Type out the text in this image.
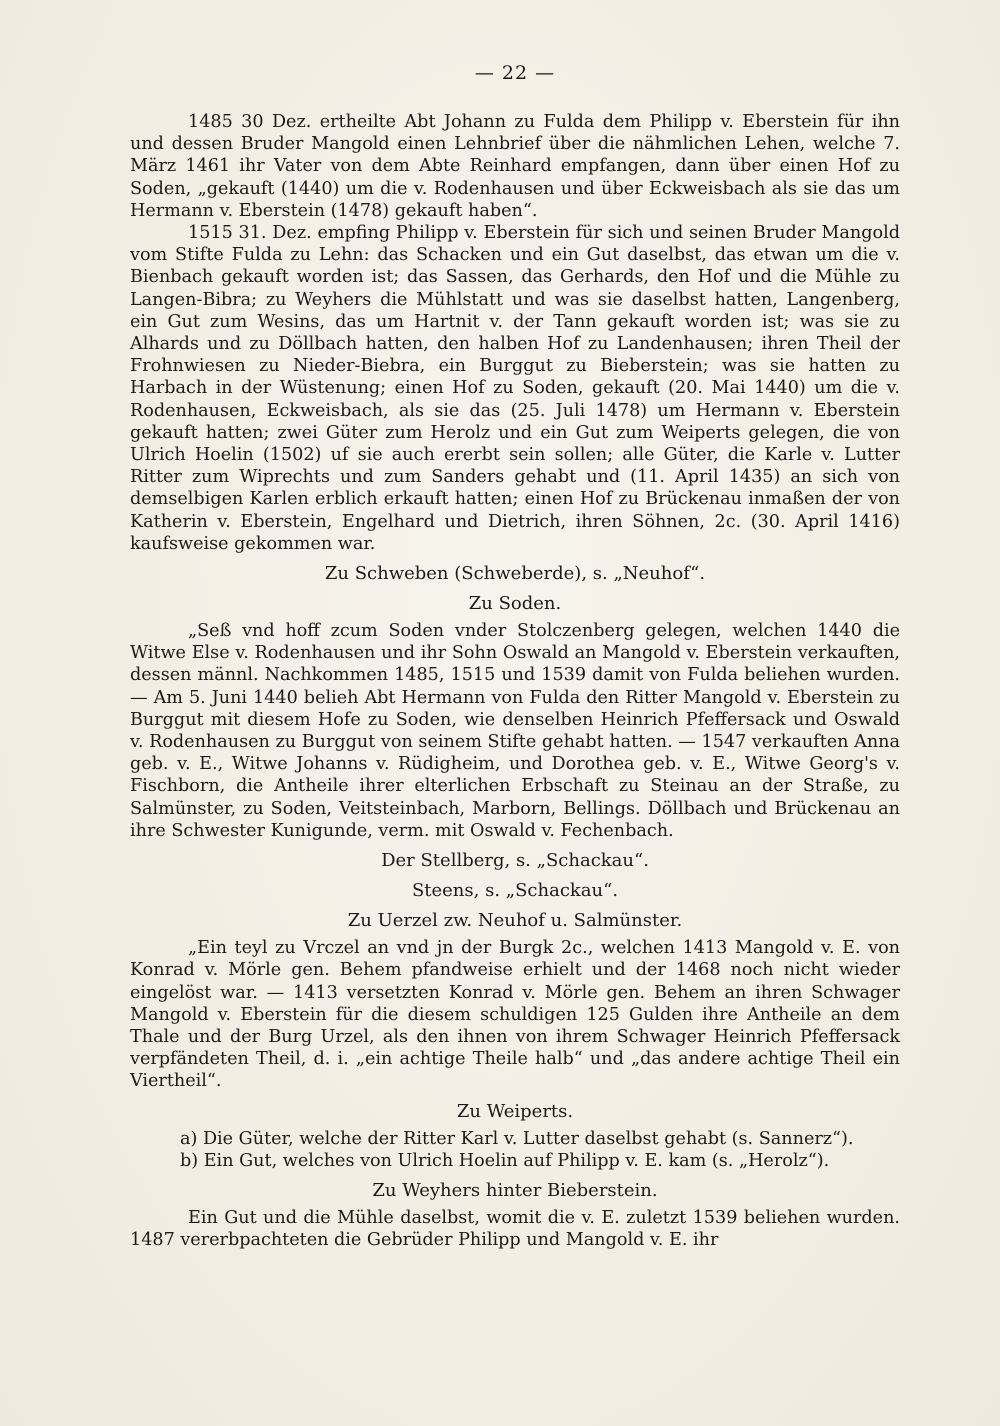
— 22 —

1485 30 Dez. ertheilte Abt Johann zu Fulda dem Philipp v. Eberstein für ihn und dessen Bruder Mangold einen Lehnbrief über die nähmlichen Lehen, welche 7. März 1461 ihr Vater von dem Abte Reinhard empfangen, dann über einen Hof zu Soden, „gekauft (1440) um die v. Rodenhausen und über Eckweisbach als sie das um Hermann v. Eberstein (1478) gekauft haben“.

1515 31. Dez. empfing Philipp v. Eberstein für sich und seinen Bruder Mangold vom Stifte Fulda zu Lehn: das Schacken und ein Gut daselbst, das etwan um die v. Bienbach gekauft worden ist; das Sassen, das Gerhards, den Hof und die Mühle zu Langen-Bibra; zu Weyhers die Mühlstatt und was sie daselbst hatten, Langenberg, ein Gut zum Wesins, das um Hartnit v. der Tann gekauft worden ist; was sie zu Alhards und zu Döllbach hatten, den halben Hof zu Landenhausen; ihren Theil der Frohnwiesen zu Nieder-Biebra, ein Burggut zu Bieberstein; was sie hatten zu Harbach in der Wüstenung; einen Hof zu Soden, gekauft (20. Mai 1440) um die v. Rodenhausen, Eckweisbach, als sie das (25. Juli 1478) um Hermann v. Eberstein gekauft hatten; zwei Güter zum Herolz und ein Gut zum Weiperts gelegen, die von Ulrich Hoelin (1502) uf sie auch ererbt sein sollen; alle Güter, die Karle v. Lutter Ritter zum Wiprechts und zum Sanders gehabt und (11. April 1435) an sich von demselbigen Karlen erblich erkauft hatten; einen Hof zu Brückenau inmaßen der von Katherin v. Eberstein, Engelhard und Dietrich, ihren Söhnen, 2c. (30. April 1416) kaufsweise gekommen war.

Zu Schweben (Schweberde), s. „Neuhof“.
Zu Soden.

„Seß vnd hoff zcum Soden vnder Stolczenberg gelegen, welchen 1440 die Witwe Else v. Rodenhausen und ihr Sohn Oswald an Mangold v. Eberstein verkauften, dessen männl. Nachkommen 1485, 1515 und 1539 damit von Fulda beliehen wurden. — Am 5. Juni 1440 belieh Abt Hermann von Fulda den Ritter Mangold v. Eberstein zu Burggut mit diesem Hofe zu Soden, wie denselben Heinrich Pfeffersack und Oswald v. Rodenhausen zu Burggut von seinem Stifte gehabt hatten. — 1547 verkauften Anna geb. v. E., Witwe Johanns v. Rüdigheim, und Dorothea geb. v. E., Witwe Georg's v. Fischborn, die Antheile ihrer elterlichen Erbschaft zu Steinau an der Straße, zu Salmünster, zu Soden, Veitsteinbach, Marborn, Bellings. Döllbach und Brückenau an ihre Schwester Kunigunde, verm. mit Oswald v. Fechenbach.

Der Stellberg, s. „Schackau“.
Steens, s. „Schackau“.
Zu Uerzel zw. Neuhof u. Salmünster.

„Ein teyl zu Vrczel an vnd jn der Burgk 2c., welchen 1413 Mangold v. E. von Konrad v. Mörle gen. Behem pfandweise erhielt und der 1468 noch nicht wieder eingelöst war. — 1413 versetzten Konrad v. Mörle gen. Behem an ihren Schwager Mangold v. Eberstein für die diesem schuldigen 125 Gulden ihre Antheile an dem Thale und der Burg Urzel, als den ihnen von ihrem Schwager Heinrich Pfeffersack verpfändeten Theil, d. i. „ein achtige Theile halb“ und „das andere achtige Theil ein Viertheil“.

Zu Weiperts.

a) Die Güter, welche der Ritter Karl v. Lutter daselbst gehabt (s. Sannerz“).

b) Ein Gut, welches von Ulrich Hoelin auf Philipp v. E. kam (s. „Herolz“).

Zu Weyhers hinter Bieberstein.

Ein Gut und die Mühle daselbst, womit die v. E. zuletzt 1539 beliehen wurden. 1487 vererbpachteten die Gebrüder Philipp und Mangold v. E. ihr
